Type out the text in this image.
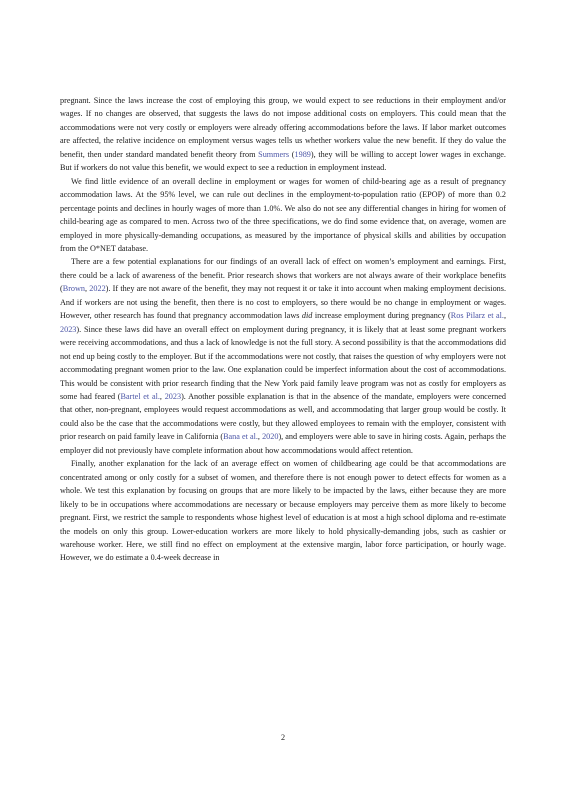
pregnant. Since the laws increase the cost of employing this group, we would expect to see reductions in their employment and/or wages. If no changes are observed, that suggests the laws do not impose additional costs on employers. This could mean that the accommodations were not very costly or employers were already offering accommodations before the laws. If labor market outcomes are affected, the relative incidence on employment versus wages tells us whether workers value the new benefit. If they do value the benefit, then under standard mandated benefit theory from Summers (1989), they will be willing to accept lower wages in exchange. But if workers do not value this benefit, we would expect to see a reduction in employment instead.

We find little evidence of an overall decline in employment or wages for women of child-bearing age as a result of pregnancy accommodation laws. At the 95% level, we can rule out declines in the employment-to-population ratio (EPOP) of more than 0.2 percentage points and declines in hourly wages of more than 1.0%. We also do not see any differential changes in hiring for women of child-bearing age as compared to men. Across two of the three specifications, we do find some evidence that, on average, women are employed in more physically-demanding occupations, as measured by the importance of physical skills and abilities by occupation from the O*NET database.

There are a few potential explanations for our findings of an overall lack of effect on women’s employment and earnings. First, there could be a lack of awareness of the benefit. Prior research shows that workers are not always aware of their workplace benefits (Brown, 2022). If they are not aware of the benefit, they may not request it or take it into account when making employment decisions. And if workers are not using the benefit, then there is no cost to employers, so there would be no change in employment or wages. However, other research has found that pregnancy accommodation laws did increase employment during pregnancy (Ros Pilarz et al., 2023). Since these laws did have an overall effect on employment during pregnancy, it is likely that at least some pregnant workers were receiving accommodations, and thus a lack of knowledge is not the full story. A second possibility is that the accommodations did not end up being costly to the employer. But if the accommodations were not costly, that raises the question of why employers were not accommodating pregnant women prior to the law. One explanation could be imperfect information about the cost of accommodations. This would be consistent with prior research finding that the New York paid family leave program was not as costly for employers as some had feared (Bartel et al., 2023). Another possible explanation is that in the absence of the mandate, employers were concerned that other, non-pregnant, employees would request accommodations as well, and accommodating that larger group would be costly. It could also be the case that the accommodations were costly, but they allowed employees to remain with the employer, consistent with prior research on paid family leave in California (Bana et al., 2020), and employers were able to save in hiring costs. Again, perhaps the employer did not previously have complete information about how accommodations would affect retention.

Finally, another explanation for the lack of an average effect on women of childbearing age could be that accommodations are concentrated among or only costly for a subset of women, and therefore there is not enough power to detect effects for women as a whole. We test this explanation by focusing on groups that are more likely to be impacted by the laws, either because they are more likely to be in occupations where accommodations are necessary or because employers may perceive them as more likely to become pregnant. First, we restrict the sample to respondents whose highest level of education is at most a high school diploma and re-estimate the models on only this group. Lower-education workers are more likely to hold physically-demanding jobs, such as cashier or warehouse worker. Here, we still find no effect on employment at the extensive margin, labor force participation, or hourly wage. However, we do estimate a 0.4-week decrease in

2
